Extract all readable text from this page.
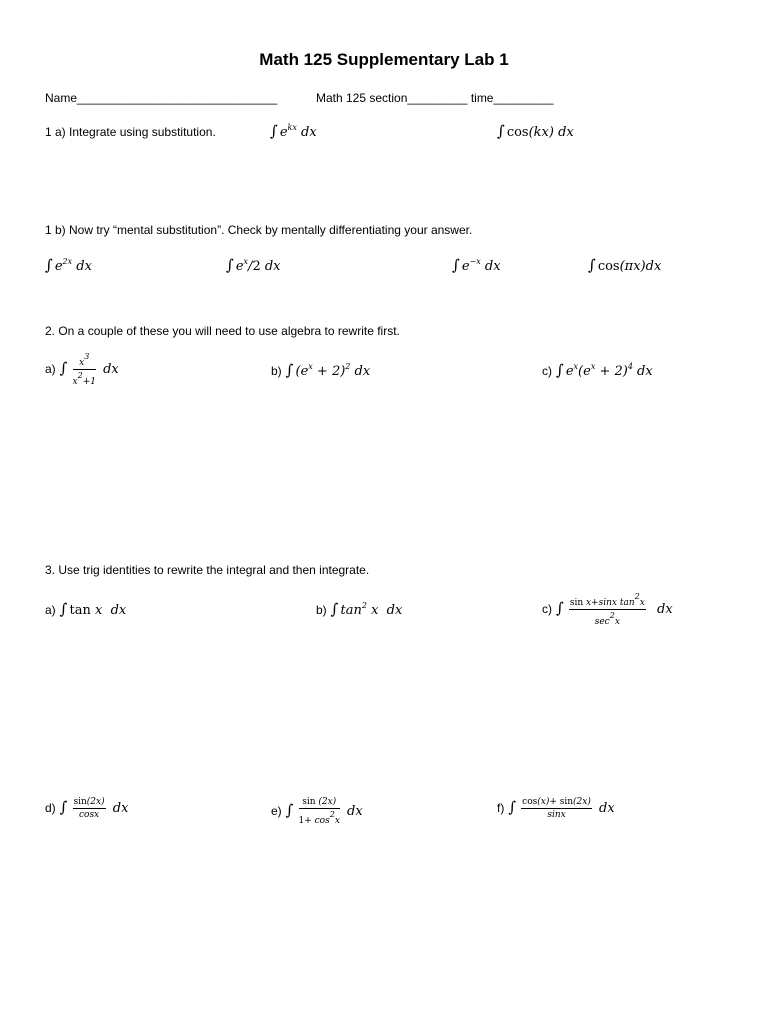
Math 125 Supplementary Lab 1
Name______________________________	Math 125 section_________ time_________
1 a) Integrate using substitution.	∫ $e^{kx}$ dx	∫ cos(kx) dx
1 b) Now try “mental substitution”. Check by mentally differentiating your answer.
∫ $e^{2x}$ dx	∫ $e^x/2$ dx	∫ $e^{-x}$ dx	∫ cos(πx)dx
2. On a couple of these you will need to use algebra to rewrite first.
a) ∫ $\frac{x^3}{x^2+1}$ dx	b) ∫ $(e^x + 2)^2$ dx	c) ∫ $e^x(e^x + 2)^4$ dx
3. Use trig identities to rewrite the integral and then integrate.
a) ∫ tan x  dx	b) ∫ $\tan^2 x$  dx	c) ∫ $\frac{\sin x+\sin x \tan^2x}{\sec^2x}$ dx
d) ∫ $\frac{\sin(2x)}{\cos x}$ dx	e) ∫ $\frac{\sin (2x)}{1+ \cos^2x}$ dx	f) ∫ $\frac{\cos(x)+ \sin(2x)}{\sin x}$ dx
